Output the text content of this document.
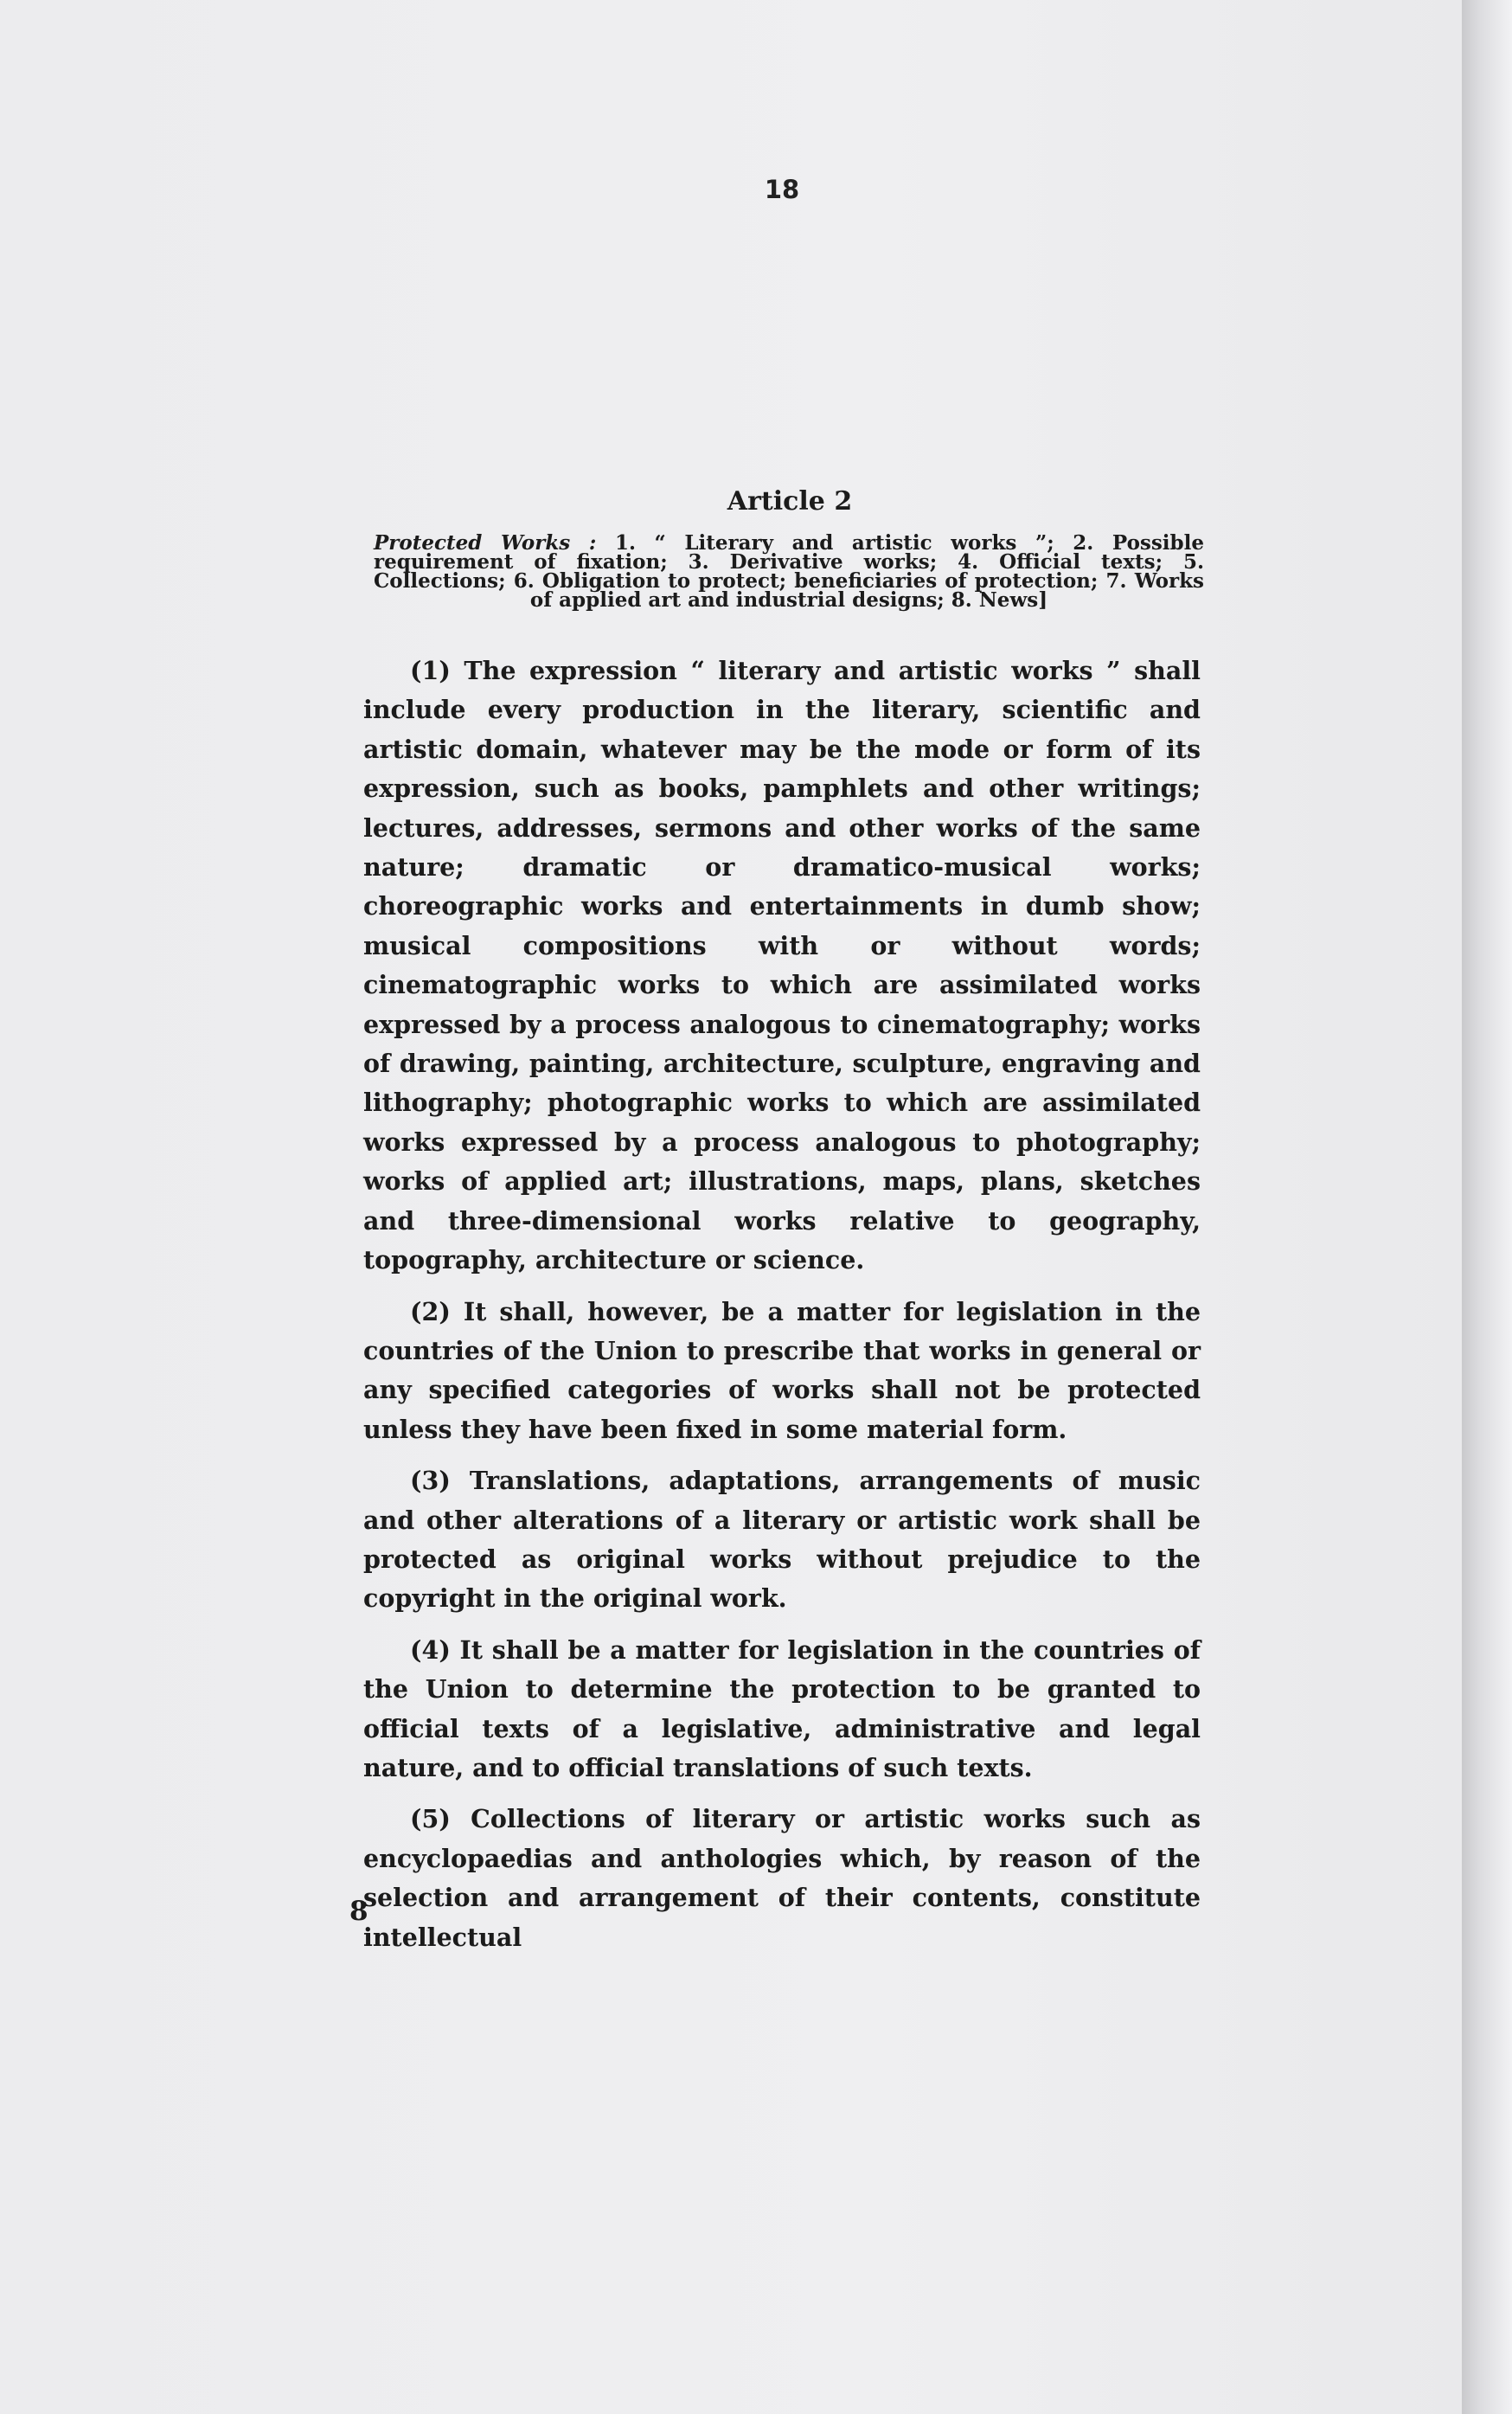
18
Article 2
Protected Works : 1. “ Literary and artistic works ”; 2. Possible requirement of fixation; 3. Derivative works; 4. Official texts; 5. Collections; 6. Obligation to protect; beneficiaries of protection; 7. Works of applied art and industrial designs; 8. News]

(1) The expression “ literary and artistic works ” shall include every production in the literary, scientific and artistic domain, whatever may be the mode or form of its expression, such as books, pamphlets and other writings; lectures, addresses, sermons and other works of the same nature; dramatic or dramatico-musical works; choreographic works and entertainments in dumb show; musical compositions with or without words; cinematographic works to which are assimilated works expressed by a process analogous to cinematography; works of drawing, painting, architecture, sculpture, engraving and lithography; photographic works to which are assimilated works expressed by a process analogous to photography; works of applied art; illustrations, maps, plans, sketches and three-dimensional works relative to geography, topography, architecture or science.

(2) It shall, however, be a matter for legislation in the countries of the Union to prescribe that works in general or any specified categories of works shall not be protected unless they have been fixed in some material form.

(3) Translations, adaptations, arrangements of music and other alterations of a literary or artistic work shall be protected as original works without prejudice to the copyright in the original work.

(4) It shall be a matter for legislation in the countries of the Union to determine the protection to be granted to official texts of a legislative, administrative and legal nature, and to official translations of such texts.

(5) Collections of literary or artistic works such as encyclopaedias and anthologies which, by reason of the selection and arrangement of their contents, constitute intellectual

8
